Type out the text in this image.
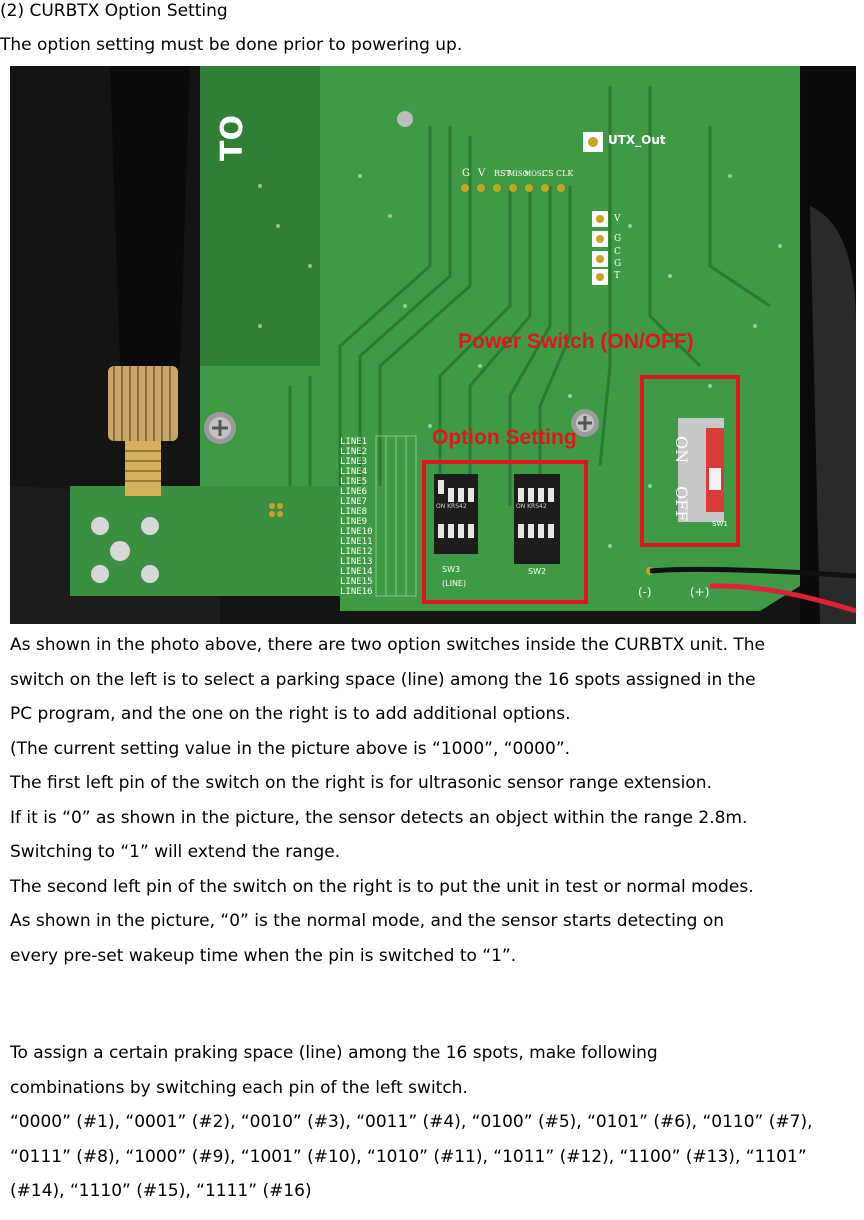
(2) CURBTX Option Setting
The option setting must be done prior to powering up.
TO
G V RST
MISO
MOSI
CS CLK
UTX_Out
V
G
C
G
T
LINE1
LINE2
LINE3
LINE4
LINE5
LINE6
LINE7
LINE8
LINE9
LINE10
LINE11
LINE12
LINE13
LINE14
LINE15
LINE16
ON KRS42
SW3
(LINE)
ON KRS42
SW2
ON
OFF
SW1
(-)	(+)
Power Switch (ON/OFF)
Option Setting
As shown in the photo above, there are two option switches inside the CURBTX unit. The
switch on the left is to select a parking space (line) among the 16 spots assigned in the
PC program, and the one on the right is to add additional options.
(The current setting value in the picture above is “1000”, “0000”.
The first left pin of the switch on the right is for ultrasonic sensor range extension.
If it is “0” as shown in the picture, the sensor detects an object within the range 2.8m.
Switching to “1” will extend the range.
The second left pin of the switch on the right is to put the unit in test or normal modes.
As shown in the picture, “0” is the normal mode, and the sensor starts detecting on
every pre-set wakeup time when the pin is switched to “1”.
To assign a certain praking space (line) among the 16 spots, make following
combinations by switching each pin of the left switch.
“0000” (#1), “0001” (#2), “0010” (#3), “0011” (#4), “0100” (#5), “0101” (#6), “0110” (#7),
“0111” (#8), “1000” (#9), “1001” (#10), “1010” (#11), “1011” (#12), “1100” (#13), “1101”
(#14), “1110” (#15), “1111” (#16)
